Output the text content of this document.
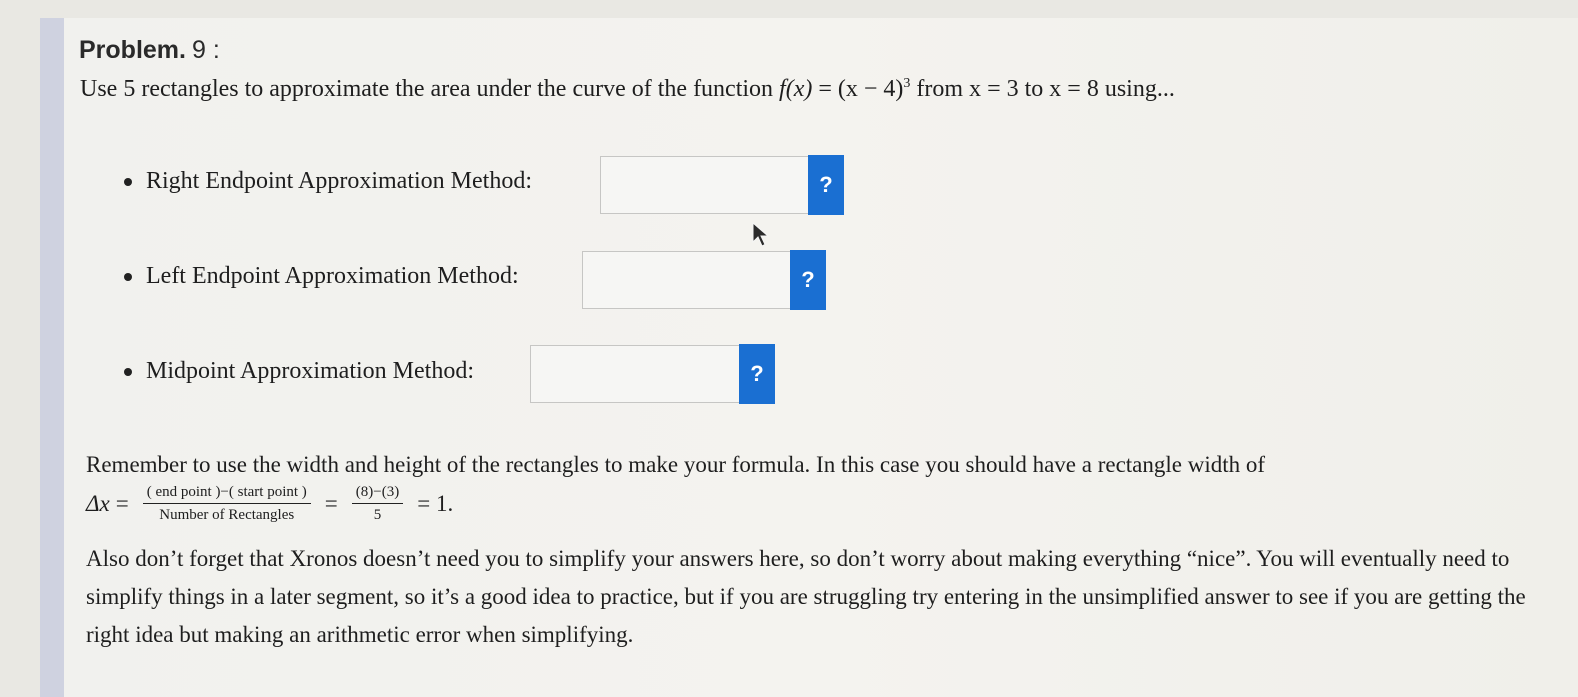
Problem. 9 :
Use 5 rectangles to approximate the area under the curve of the function $f(x) = (x - 4)^3$ from x = 3 to x = 8 using...
Right Endpoint Approximation Method:	?
Left Endpoint Approximation Method:	?
Midpoint Approximation Method:	?
Remember to use the width and height of the rectangles to make your formula. In this case you should have a rectangle width of
$\Delta x = \frac{\text{( end point )−( start point )}}{\text{Number of Rectangles}} = \frac{(8)-(3)}{5} = 1$.
Also don’t forget that Xronos doesn’t need you to simplify your answers here, so don’t worry about making everything “nice”. You will eventually need to simplify things in a later segment, so it’s a good idea to practice, but if you are struggling try entering in the unsimplified answer to see if you are getting the right idea but making an arithmetic error when simplifying.
